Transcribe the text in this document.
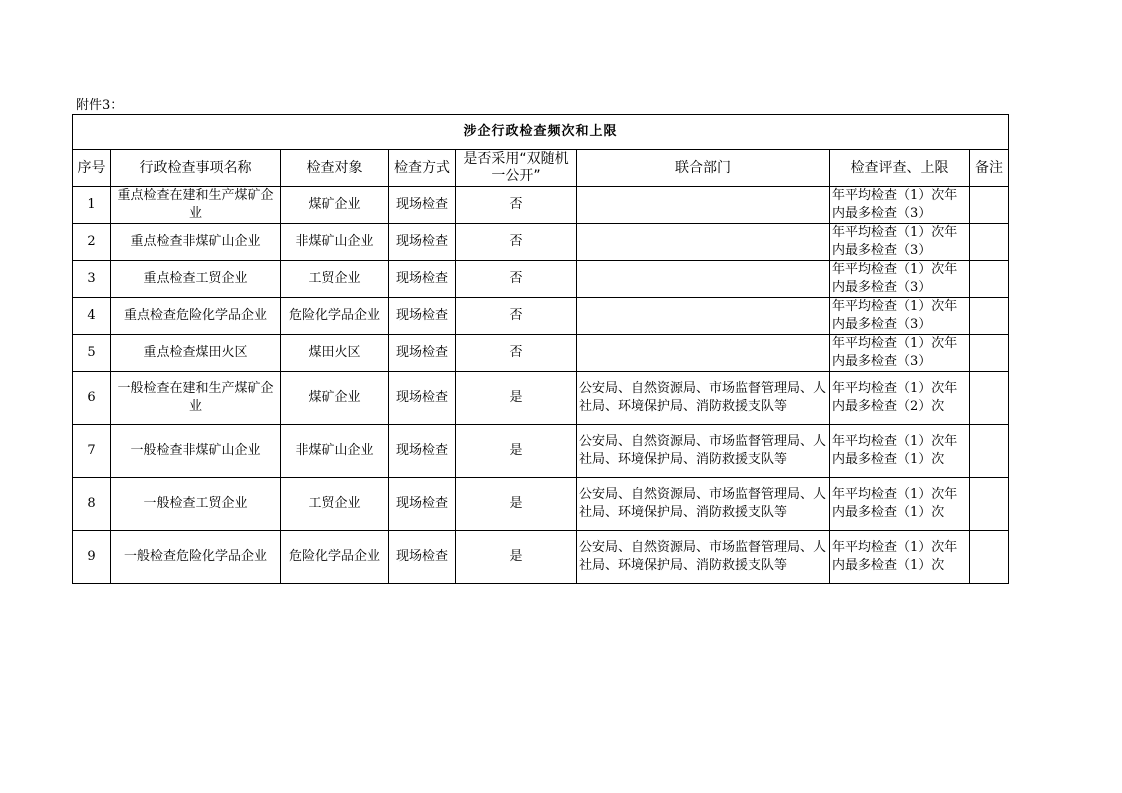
附件3：
涉企行政检查频次和上限							
序号	行政检查事项名称	检查对象	检查方式	是否采用“双随机一公开”	联合部门	检查评查、上限	备注
1	重点检查在建和生产煤矿企业	煤矿企业	现场检查	否		年平均检查（1）次年内最多检查（3）	
2	重点检查非煤矿山企业	非煤矿山企业	现场检查	否		年平均检查（1）次年内最多检查（3）	
3	重点检查工贸企业	工贸企业	现场检查	否		年平均检查（1）次年内最多检查（3）	
4	重点检查危险化学品企业	危险化学品企业	现场检查	否		年平均检查（1）次年内最多检查（3）	
5	重点检查煤田火区	煤田火区	现场检查	否		年平均检查（1）次年内最多检查（3）	
6	一般检查在建和生产煤矿企业	煤矿企业	现场检查	是	公安局、自然资源局、市场监督管理局、人社局、环境保护局、消防救援支队等	年平均检查（1）次年内最多检查（2）次	
7	一般检查非煤矿山企业	非煤矿山企业	现场检查	是	公安局、自然资源局、市场监督管理局、人社局、环境保护局、消防救援支队等	年平均检查（1）次年内最多检查（1）次	
8	一般检查工贸企业	工贸企业	现场检查	是	公安局、自然资源局、市场监督管理局、人社局、环境保护局、消防救援支队等	年平均检查（1）次年内最多检查（1）次	
9	一般检查危险化学品企业	危险化学品企业	现场检查	是	公安局、自然资源局、市场监督管理局、人社局、环境保护局、消防救援支队等	年平均检查（1）次年内最多检查（1）次	
